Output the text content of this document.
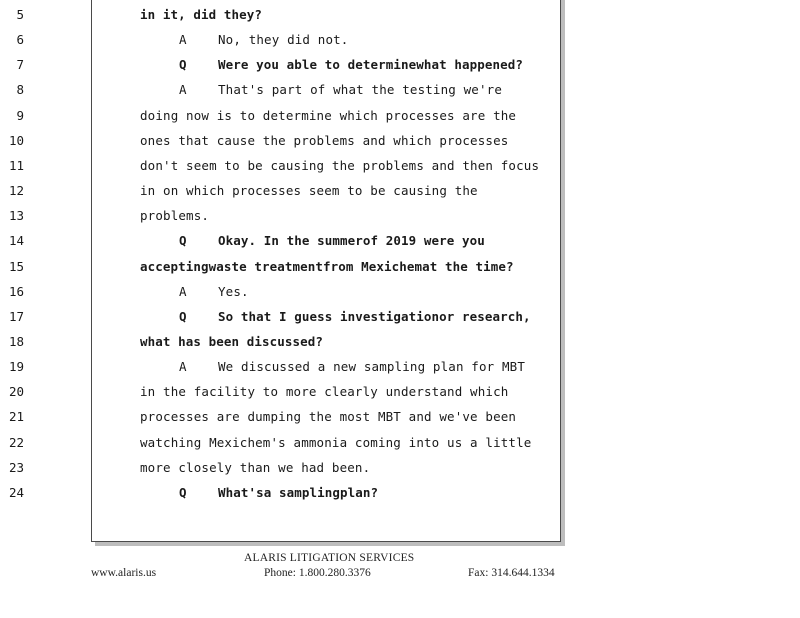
5	in it, did they?
6	A	No, they did not.
7	Q	Were you able to determinewhat happened?
8	A	That's part of what the testing we're
9	doing now is to determine which processes are the
10	ones that cause the problems and which processes
11	don't seem to be causing the problems and then focus
12	in on which processes seem to be causing the
13	problems.
14	Q	Okay. In the summerof 2019 were you
15	acceptingwaste treatmentfrom Mexichemat the time?
16	A	Yes.
17	Q	So that I guess investigationor research,
18	what has been discussed?
19	A	We discussed a new sampling plan for MBT
20	in the facility to more clearly understand which
21	processes are dumping the most MBT and we've been
22	watching Mexichem's ammonia coming into us a little
23	more closely than we had been.
24	Q	What'sa samplingplan?
ALARIS LITIGATION SERVICES
www.alaris.us	Phone: 1.800.280.3376	Fax: 314.644.1334
